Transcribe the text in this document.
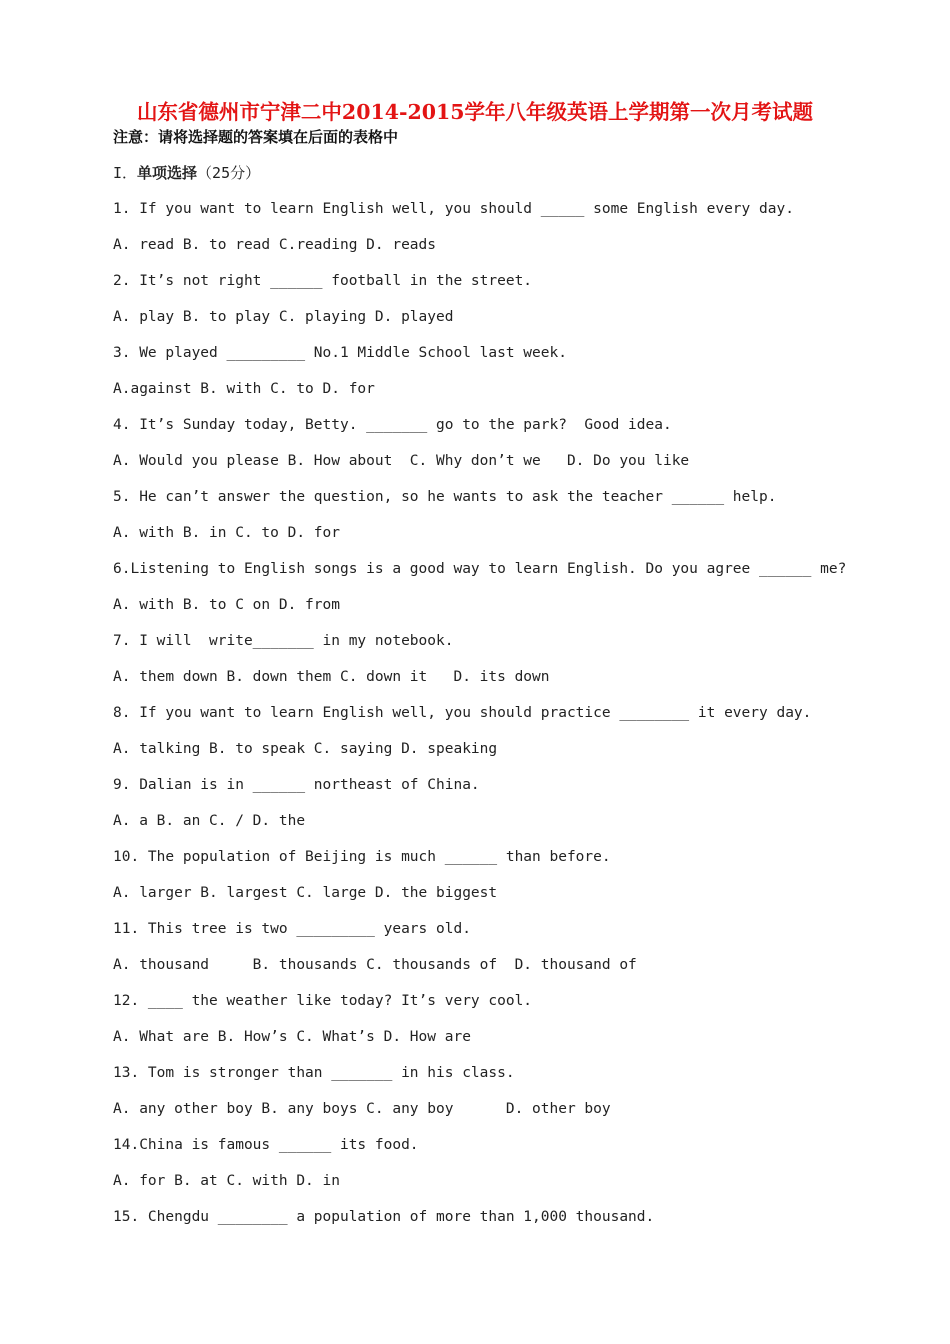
山东省德州市宁津二中2014-2015学年八年级英语上学期第一次月考试题
注意：请将选择题的答案填在后面的表格中
I．单项选择（25分）
1. If you want to learn English well, you should _____ some English every day.
A. read B. to read C.reading D. reads
2. It’s not right ______ football in the street.
A. play B. to play C. playing D. played
3. We played _________ No.1 Middle School last week.
A.against B. with C. to D. for
4. It’s Sunday today, Betty. _______ go to the park?  Good idea.
A. Would you please B. How about  C. Why don’t we   D. Do you like
5. He can’t answer the question, so he wants to ask the teacher ______ help.
A. with B. in C. to D. for
6.Listening to English songs is a good way to learn English. Do you agree ______ me?
A. with B. to C on D. from
7. I will  write_______ in my notebook.
A. them down B. down them C. down it   D. its down
8. If you want to learn English well, you should practice ________ it every day.
A. talking B. to speak C. saying D. speaking
9. Dalian is in ______ northeast of China.
A. a B. an C. / D. the
10. The population of Beijing is much ______ than before.
A. larger B. largest C. large D. the biggest
11. This tree is two _________ years old.
A. thousand     B. thousands C. thousands of  D. thousand of
12. ____ the weather like today? It’s very cool.
A. What are B. How’s C. What’s D. How are
13. Tom is stronger than _______ in his class.
A. any other boy B. any boys C. any boy      D. other boy
14.China is famous ______ its food.
A. for B. at C. with D. in
15. Chengdu ________ a population of more than 1,000 thousand.
